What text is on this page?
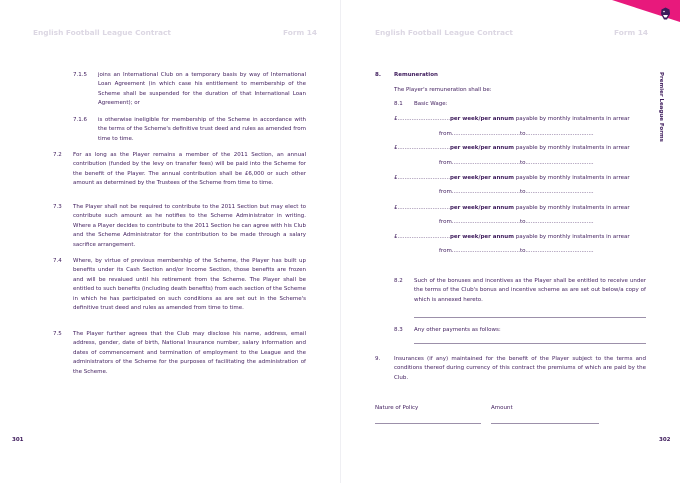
English Football League Contract	Form 14
7.1.5 joins an International Club on a temporary basis by way of International Loan Agreement (in which case his entitlement to membership of the Scheme shall be suspended for the duration of that International Loan Agreement); or
7.1.6 is otherwise ineligible for membership of the Scheme in accordance with the terms of the Scheme's definitive trust deed and rules as amended from time to time.
7.2 For as long as the Player remains a member of the 2011 Section, an annual contribution (funded by the levy on transfer fees) will be paid into the Scheme for the benefit of the Player. The annual contribution shall be £6,000 or such other amount as determined by the Trustees of the Scheme from time to time.
7.3 The Player shall not be required to contribute to the 2011 Section but may elect to contribute such amount as he notifies to the Scheme Administrator in writing. Where a Player decides to contribute to the 2011 Section he can agree with his Club and the Scheme Administrator for the contribution to be made through a salary sacrifice arrangement.
7.4 Where, by virtue of previous membership of the Scheme, the Player has built up benefits under its Cash Section and/or Income Section, those benefits are frozen and will be revalued until his retirement from the Scheme. The Player shall be entitled to such benefits (including death benefits) from each section of the Scheme in which he has participated on such conditions as are set out in the Scheme's definitive trust deed and rules as amended from time to time.
7.5 The Player further agrees that the Club may disclose his name, address, email address, gender, date of birth, National Insurance number, salary information and dates of commencement and termination of employment to the League and the administrators of the Scheme for the purposes of facilitating the administration of the Scheme.
301
English Football League Contract	Form 14
Premier League Forms
8. Remuneration
The Player's remuneration shall be:
8.1 Basic Wage:
£..............................per week/per annum payable by monthly instalments in arrear
from.......................................to.......................................
£..............................per week/per annum payable by monthly instalments in arrear
from.......................................to.......................................
£..............................per week/per annum payable by monthly instalments in arrear
from.......................................to.......................................
£..............................per week/per annum payable by monthly instalments in arrear
from.......................................to.......................................
£..............................per week/per annum payable by monthly instalments in arrear
from.......................................to.......................................
8.2 Such of the bonuses and incentives as the Player shall be entitled to receive under the terms of the Club's bonus and incentive scheme as are set out below/a copy of which is annexed hereto.
8.3 Any other payments as follows:
9.	Insurances (if any) maintained for the benefit of the Player subject to the terms and conditions thereof during currency of this contract the premiums of which are paid by the Club.
Nature of Policy	Amount
302
